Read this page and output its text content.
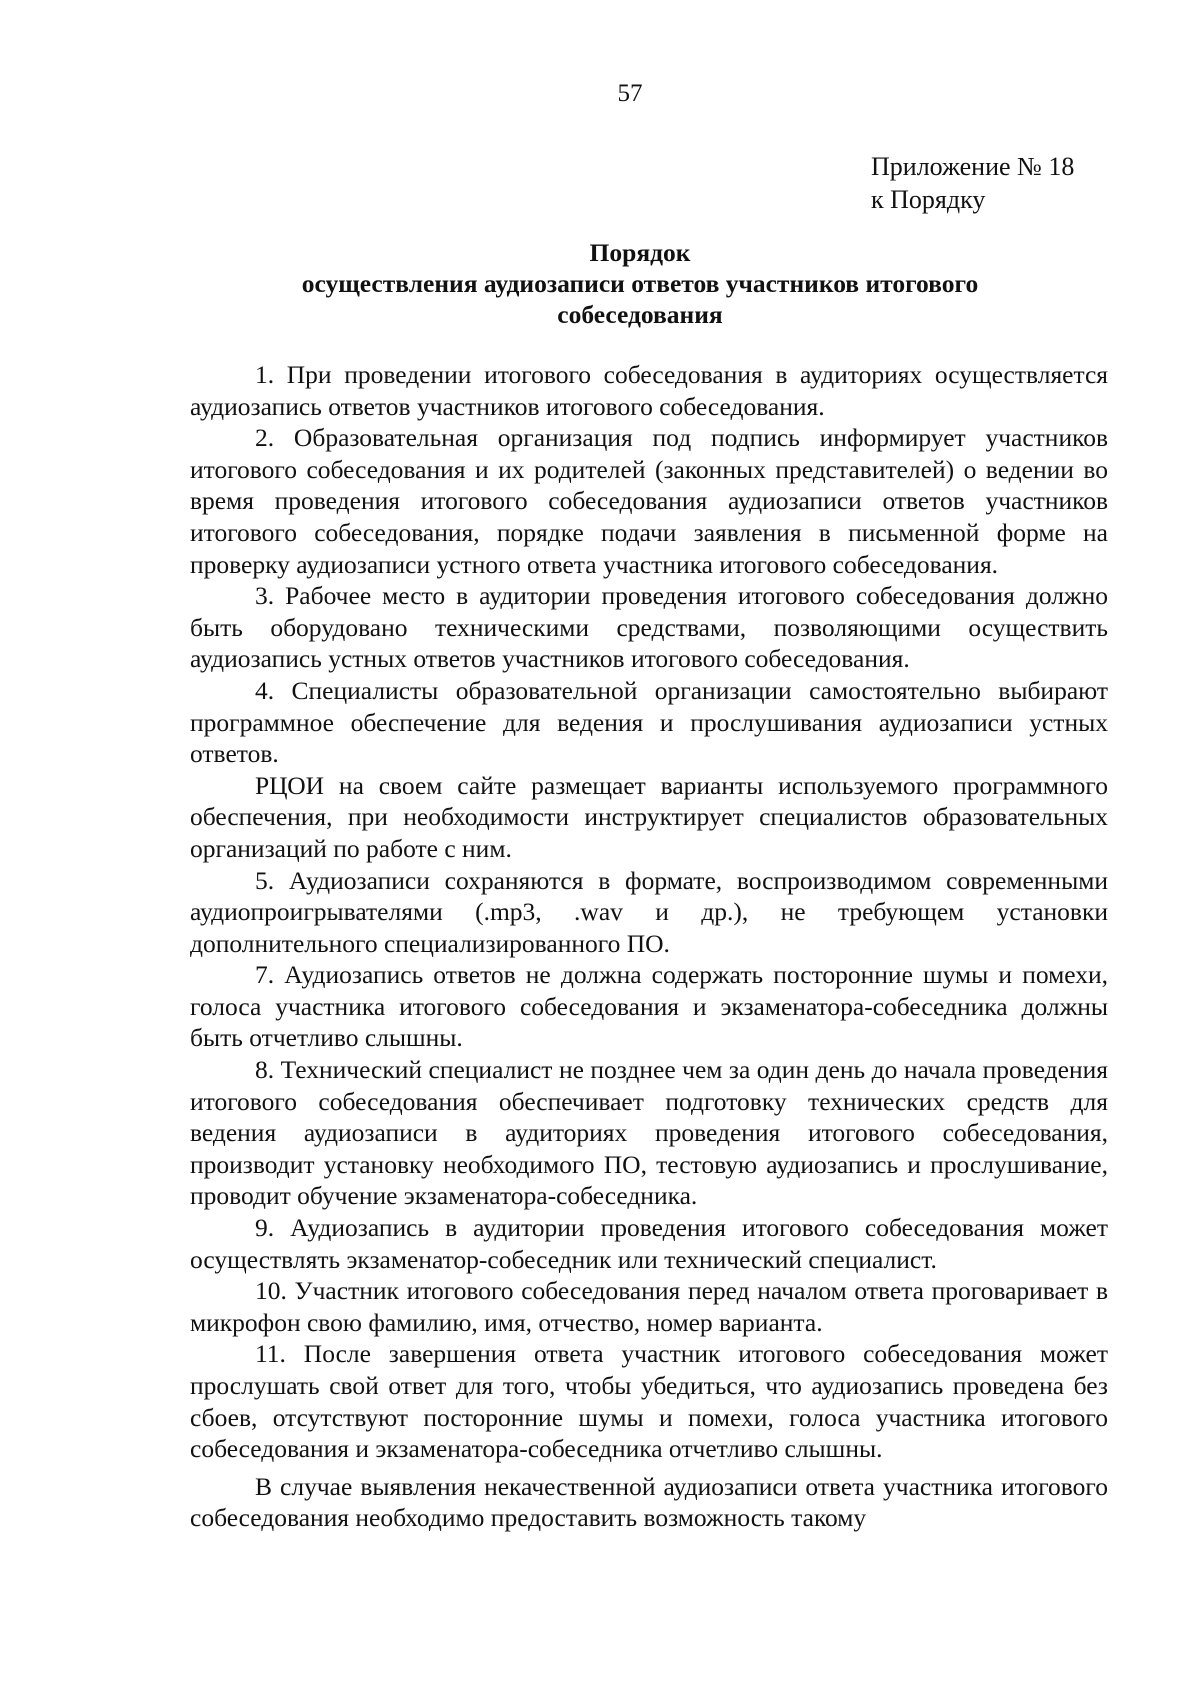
57
Приложение № 18
к Порядку
Порядок
осуществления аудиозаписи ответов участников итогового
собеседования

1. При проведении итогового собеседования в аудиториях осуществляется аудиозапись ответов участников итогового собеседования.

2. Образовательная организация под подпись информирует участников итогового собеседования и их родителей (законных представителей) о ведении во время проведения итогового собеседования аудиозаписи ответов участников итогового собеседования, порядке подачи заявления в письменной форме на проверку аудиозаписи устного ответа участника итогового собеседования.

3. Рабочее место в аудитории проведения итогового собеседования должно быть оборудовано техническими средствами, позволяющими осуществить аудиозапись устных ответов участников итогового собеседования.

4. Специалисты образовательной организации самостоятельно выбирают программное обеспечение для ведения и прослушивания аудиозаписи устных ответов.

РЦОИ на своем сайте размещает варианты используемого программного обеспечения, при необходимости инструктирует специалистов образовательных организаций по работе с ним.

5. Аудиозаписи сохраняются в формате, воспроизводимом современными аудиопроигрывателями (.mp3, .wav и др.), не требующем установки дополнительного специализированного ПО.

7. Аудиозапись ответов не должна содержать посторонние шумы и помехи, голоса участника итогового собеседования и экзаменатора-собеседника должны быть отчетливо слышны.

8. Технический специалист не позднее чем за один день до начала проведения итогового собеседования обеспечивает подготовку технических средств для ведения аудиозаписи в аудиториях проведения итогового собеседования, производит установку необходимого ПО, тестовую аудиозапись и прослушивание, проводит обучение экзаменатора-собеседника.

9. Аудиозапись в аудитории проведения итогового собеседования может осуществлять экзаменатор-собеседник или технический специалист.

10. Участник итогового собеседования перед началом ответа проговаривает в микрофон свою фамилию, имя, отчество, номер варианта.

11. После завершения ответа участник итогового собеседования может прослушать свой ответ для того, чтобы убедиться, что аудиозапись проведена без сбоев, отсутствуют посторонние шумы и помехи, голоса участника итогового собеседования и экзаменатора-собеседника отчетливо слышны.

В случае выявления некачественной аудиозаписи ответа участника итогового собеседования необходимо предоставить возможность такому
